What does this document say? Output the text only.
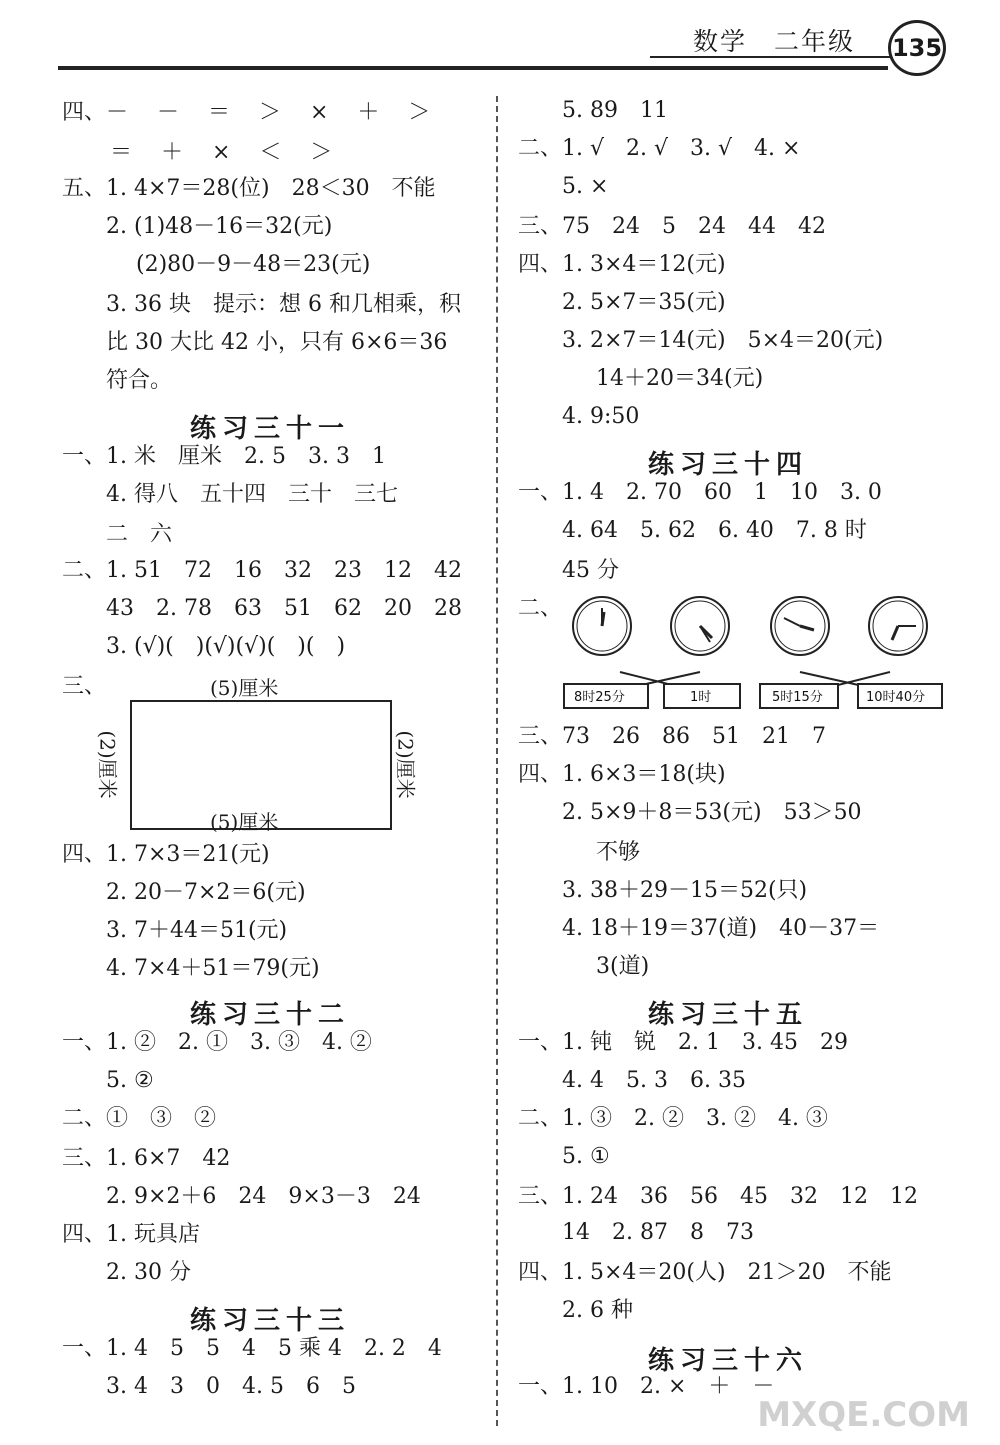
数学　二年级 135
四、－　 －　 ＝　 ＞　 ×　 ＋　 ＞
＝　 ＋　 ×　 ＜　 ＞
五、1. 4×7＝28(位)　28＜30　不能
2. (1)48－16＝32(元)
(2)80－9－48＝23(元)
3. 36 块　提示：想 6 和几相乘，积
比 30 大比 42 小，只有 6×6＝36
符合。
一、1. 米　厘米　2. 5　3. 3　1
4. 得八　五十四　三十　三七
二　六
二、1. 51　72　16　32　23　12　42
43　2. 78　63　51　62　20　28
3. (√)(　)(√)(√)(　)(　)
三、
四、1. 7×3＝21(元)
2. 20－7×2＝6(元)
3. 7＋44＝51(元)
4. 7×4＋51＝79(元)
一、1. ②　2. ①　3. ③　4. ②
5. ②
二、①　③　②
三、1. 6×7　42
2. 9×2＋6　24　9×3－3　24
四、1. 玩具店
2. 30 分
一、1. 4　5　5　4　5 乘 4　2. 2　4
3. 4　3　0　4. 5　6　5
练习三十一
练习三十二
练习三十三
5. 89　11
二、1. √　2. √　3. √　4. ×
5. ×
三、75　24　5　24　44　42
四、1. 3×4＝12(元)
2. 5×7＝35(元)
3. 2×7＝14(元)　5×4＝20(元)
14＋20＝34(元)
4. 9:50
一、1. 4　2. 70　60　1　10　3. 0
4. 64　5. 62　6. 40　7. 8 时
45 分
二、
三、73　26　86　51　21　7
四、1. 6×3＝18(块)
2. 5×9＋8＝53(元)　53＞50
不够
3. 38＋29－15＝52(只)
4. 18＋19＝37(道)　40－37＝
3(道)
一、1. 钝　锐　2. 1　3. 45　29
4. 4　5. 3　6. 35
二、1. ③　2. ②　3. ②　4. ③
5. ①
三、1. 24　36　56　45　32　12　12
14　2. 87　8　73
四、1. 5×4＝20(人)　21＞20　不能
2. 6 种
一、1. 10　2. ×　＋　－
练习三十四
练习三十五
练习三十六
(5)厘米
(2)厘米	(2)厘米
(5)厘米
8时25分	1时	5时15分	10时40分
MXQE.COM
